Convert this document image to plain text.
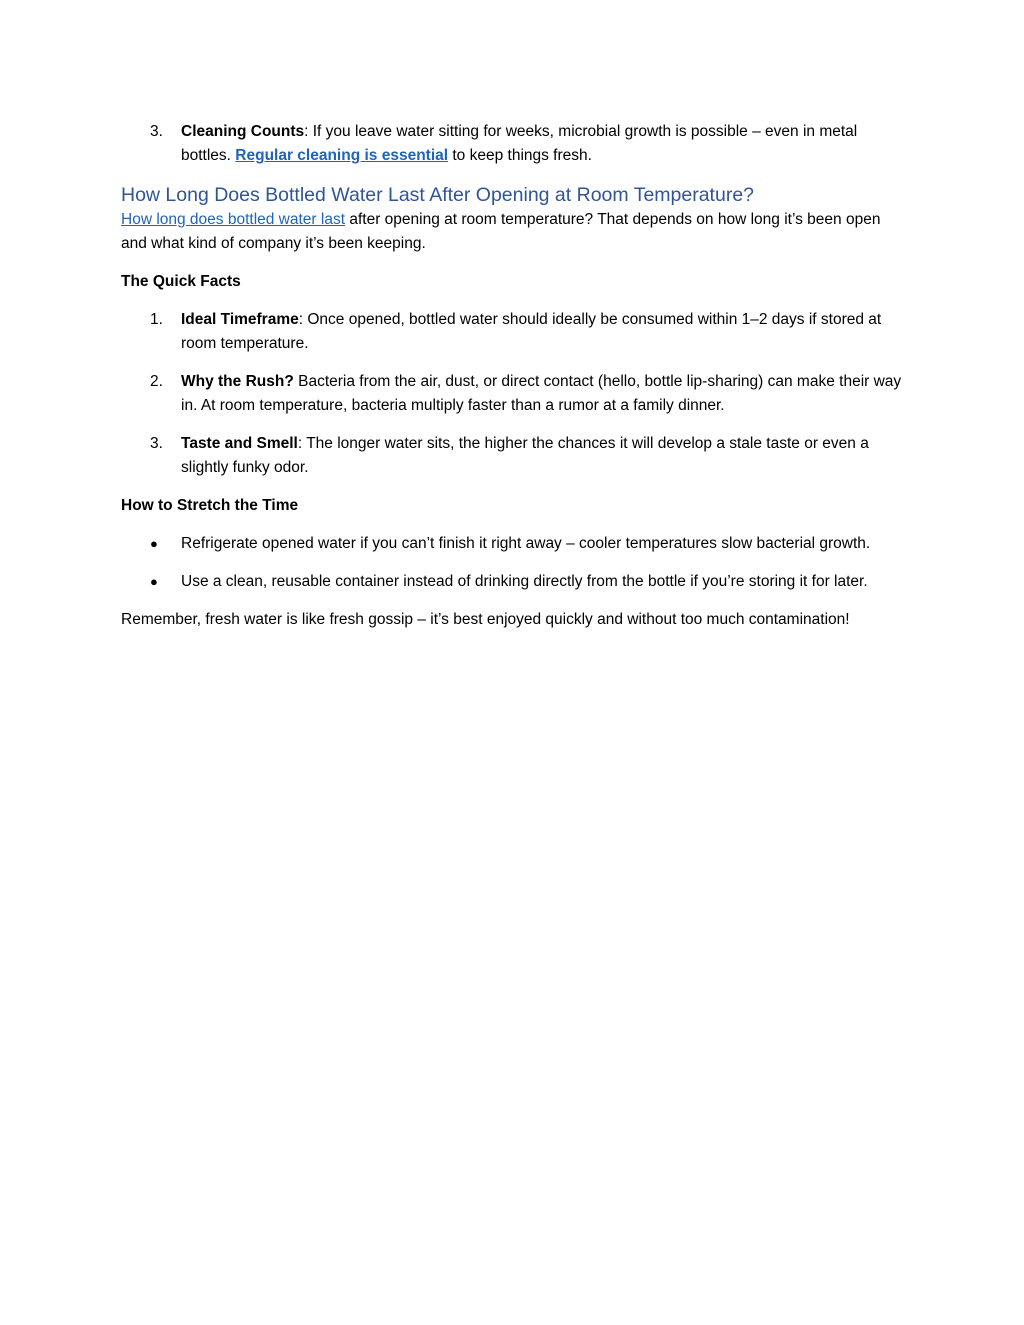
3. Cleaning Counts: If you leave water sitting for weeks, microbial growth is possible – even in metal bottles. Regular cleaning is essential to keep things fresh.

How Long Does Bottled Water Last After Opening at Room Temperature?

How long does bottled water last after opening at room temperature? That depends on how long it’s been open and what kind of company it’s been keeping.

The Quick Facts

1. Ideal Timeframe: Once opened, bottled water should ideally be consumed within 1–2 days if stored at room temperature.

2. Why the Rush? Bacteria from the air, dust, or direct contact (hello, bottle lip-sharing) can make their way in. At room temperature, bacteria multiply faster than a rumor at a family dinner.

3. Taste and Smell: The longer water sits, the higher the chances it will develop a stale taste or even a slightly funky odor.

How to Stretch the Time

● Refrigerate opened water if you can’t finish it right away – cooler temperatures slow bacterial growth.

● Use a clean, reusable container instead of drinking directly from the bottle if you’re storing it for later.

Remember, fresh water is like fresh gossip – it’s best enjoyed quickly and without too much contamination!
